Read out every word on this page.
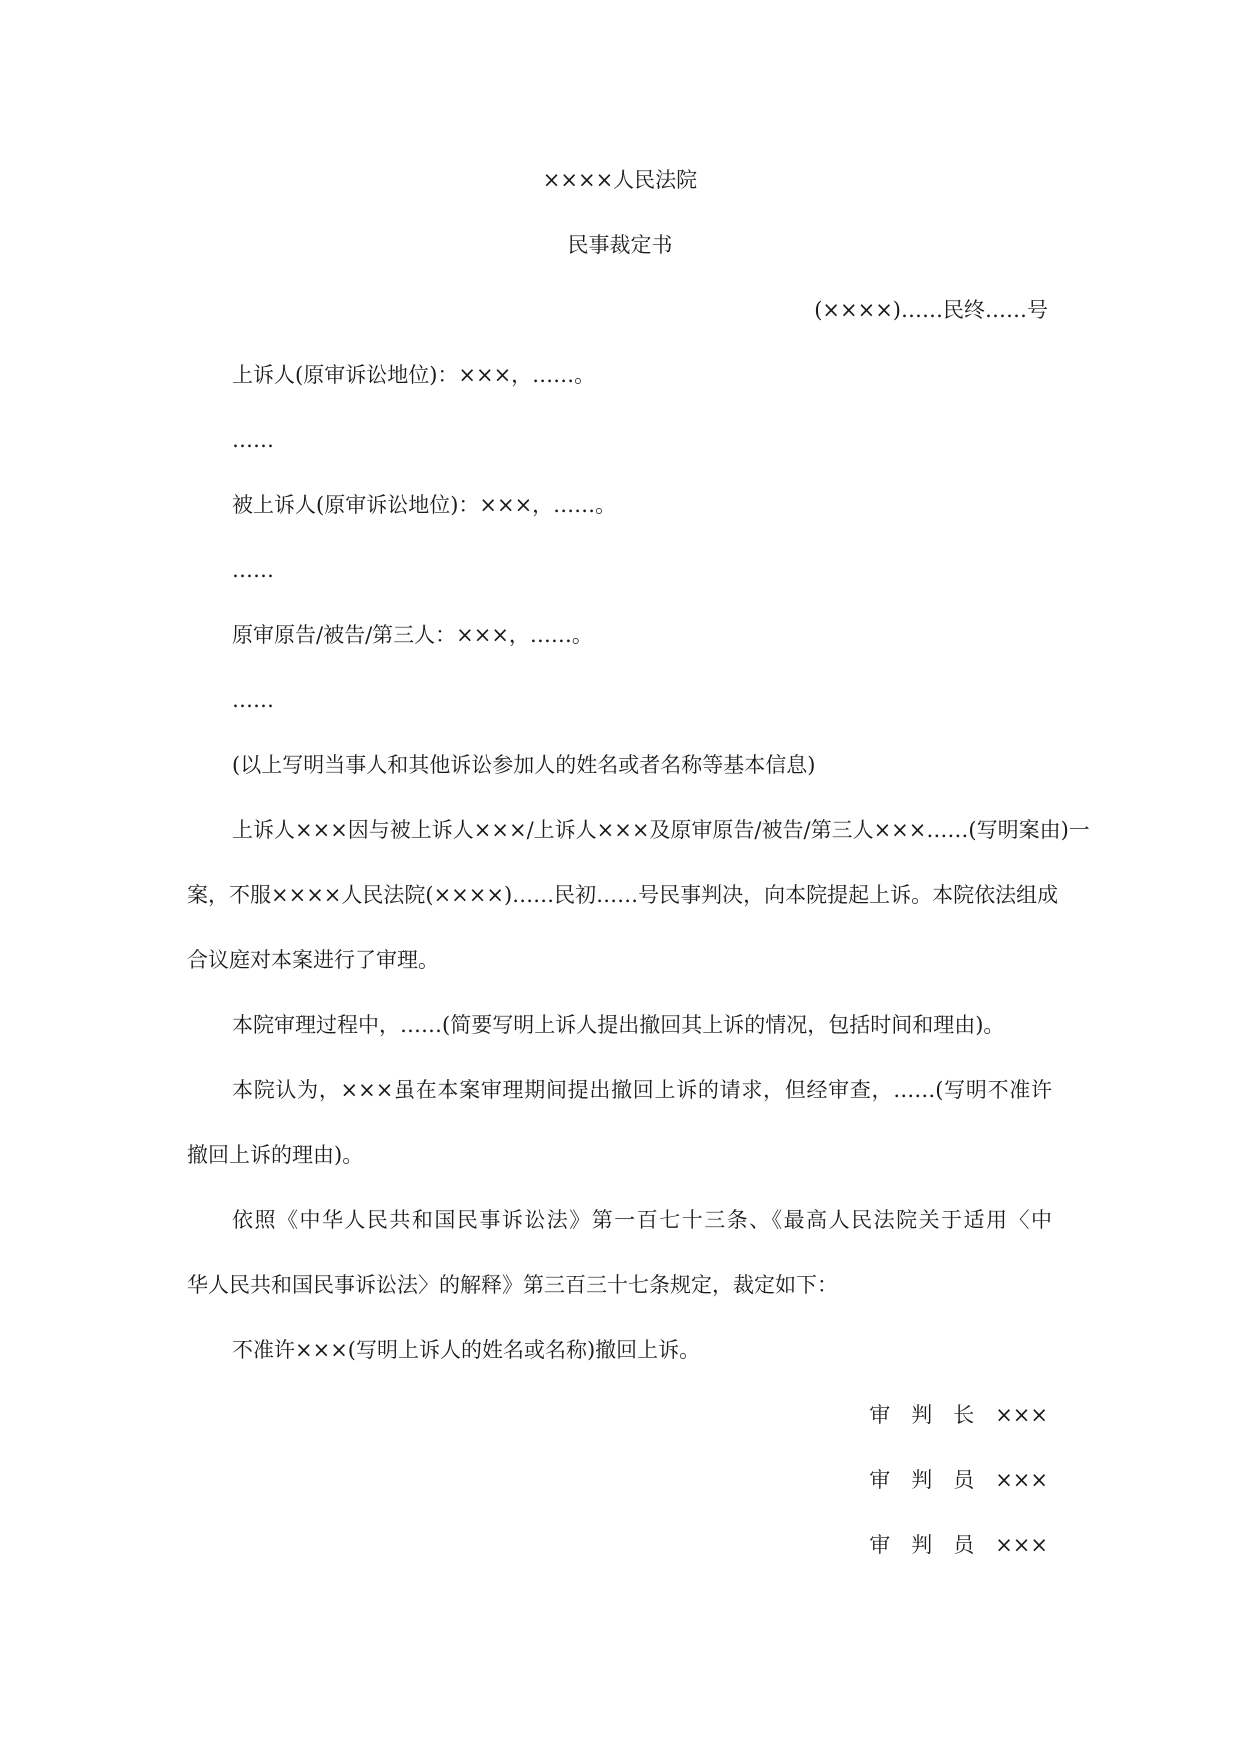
××××人民法院
民事裁定书
(××××)……民终……号
上诉人(原审诉讼地位)：×××，……。
……
被上诉人(原审诉讼地位)：×××，……。
……
原审原告/被告/第三人：×××，……。
……
(以上写明当事人和其他诉讼参加人的姓名或者名称等基本信息)
上诉人×××因与被上诉人×××/上诉人×××及原审原告/被告/第三人×××……(写明案由)一
案，不服××××人民法院(××××)……民初……号民事判决，向本院提起上诉。本院依法组成
合议庭对本案进行了审理。
本院审理过程中，……(简要写明上诉人提出撤回其上诉的情况，包括时间和理由)。
本院认为，×××虽在本案审理期间提出撤回上诉的请求，但经审查，……(写明不准许
撤回上诉的理由)。
依照《中华人民共和国民事诉讼法》第一百七十三条、《最高人民法院关于适用〈中
华人民共和国民事诉讼法〉的解释》第三百三十七条规定，裁定如下：
不准许×××(写明上诉人的姓名或名称)撤回上诉。
审　判　长　×××
审　判　员　×××
审　判　员　×××
